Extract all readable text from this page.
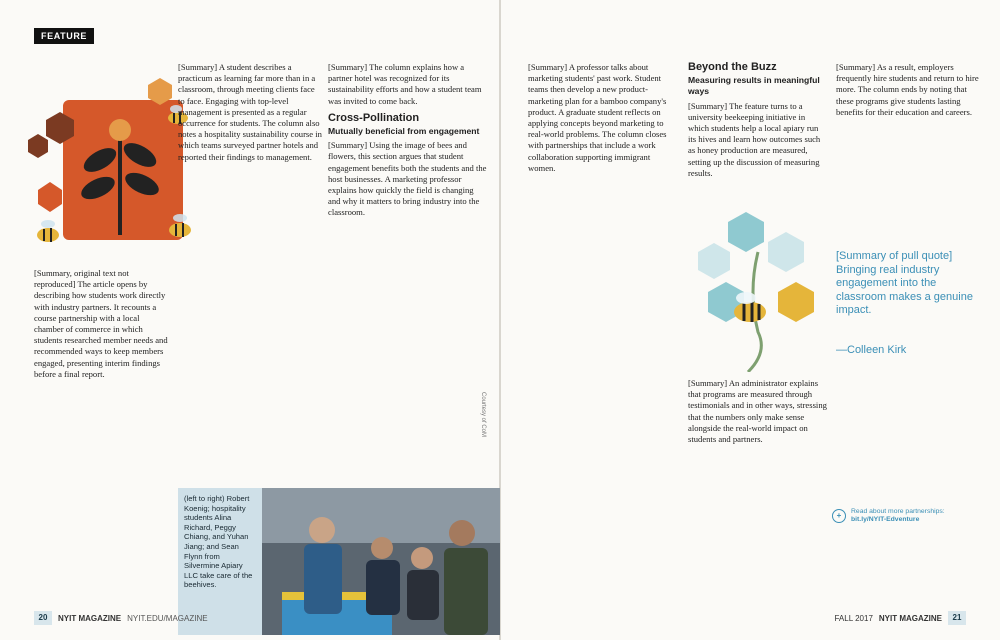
FEATURE

[Summary, original text not reproduced] The article opens by describing how students work directly with industry partners. It recounts a course partnership with a local chamber of commerce in which students researched member needs and recommended ways to keep members engaged, presenting interim findings before a final report.

[Summary] A student describes a practicum as learning far more than in a classroom, through meeting clients face to face. Engaging with top-level management is presented as a regular occurrence for students. The column also notes a hospitality sustainability course in which teams surveyed partner hotels and reported their findings to management.

[Summary] The column explains how a partner hotel was recognized for its sustainability efforts and how a student team was invited to come back.

Cross-Pollination
Mutually beneficial from engagement

[Summary] Using the image of bees and flowers, this section argues that student engagement benefits both the students and the host businesses. A marketing professor explains how quickly the field is changing and why it matters to bring industry into the classroom.

(left to right) Robert Koenig; hospitality students Alina Richard, Peggy Chiang, and Yuhan Jiang; and Sean Flynn from Silvermine Apiary LLC take care of the beehives.
Courtesy of CoM

[Summary] A professor talks about marketing students' past work. Student teams then develop a new product-marketing plan for a bamboo company's product. A graduate student reflects on applying concepts beyond marketing to real-world problems. The column closes with partnerships that include a work collaboration supporting immigrant women.

Beyond the Buzz
Measuring results in meaningful ways

[Summary] The feature turns to a university beekeeping initiative in which students help a local apiary run its hives and learn how outcomes such as honey production are measured, setting up the discussion of measuring results.

[Summary] An administrator explains that programs are measured through testimonials and in other ways, stressing that the numbers only make sense alongside the real-world impact on students and partners.

[Summary] As a result, employers frequently hire students and return to hire more. The column ends by noting that these programs give students lasting benefits for their education and careers.

[Summary of pull quote] Bringing real industry engagement into the classroom makes a genuine impact.
—Colleen Kirk
+	Read about more partnerships:
bit.ly/NYIT-Edventure
20	NYIT MAGAZINE NYIT.EDU/MAGAZINE	FALL 2017 NYIT MAGAZINE	21
